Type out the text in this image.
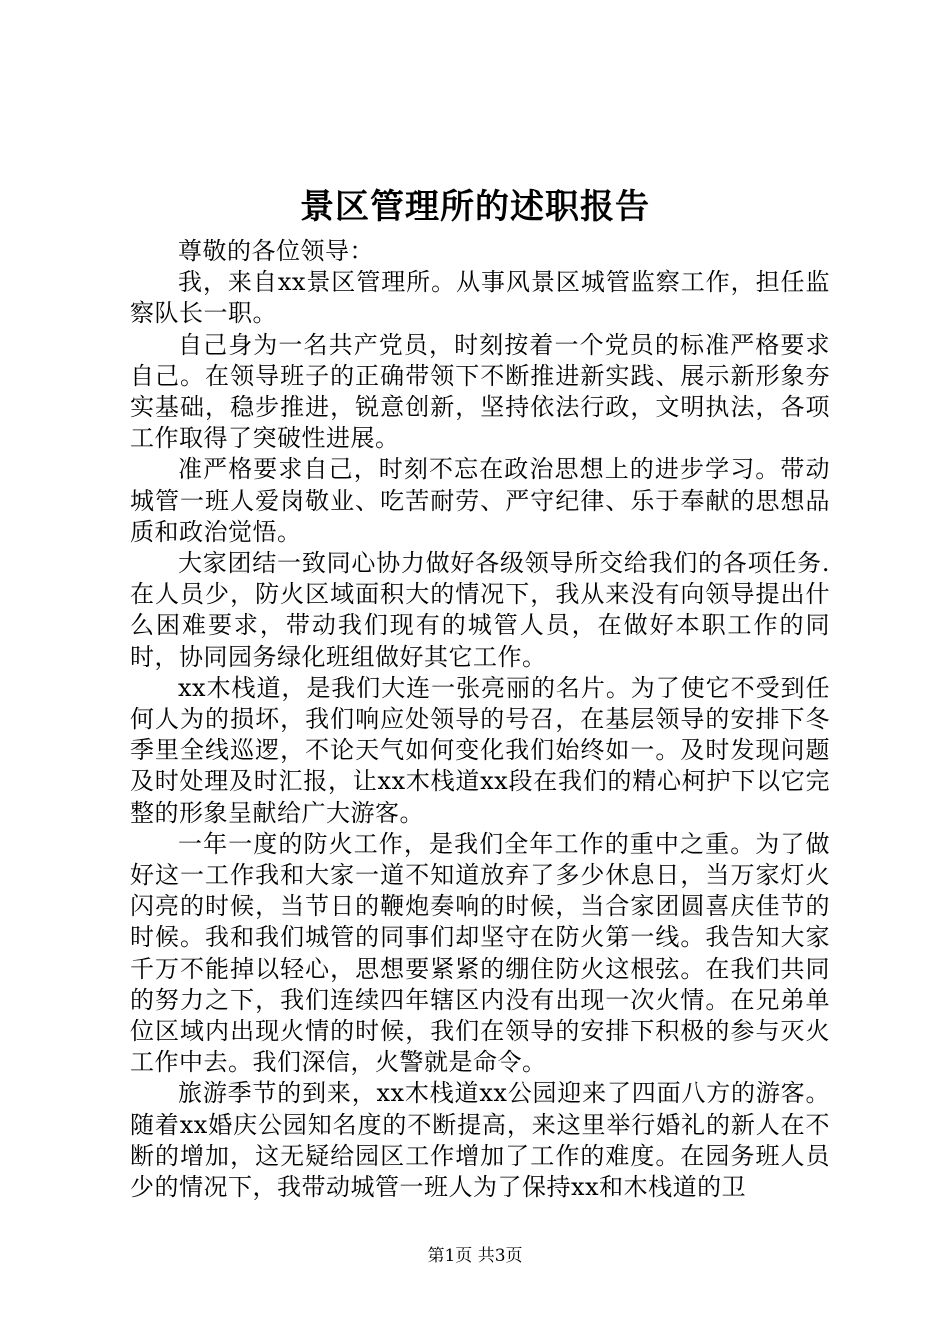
景区管理所的述职报告

尊敬的各位领导：

我，来自xx景区管理所。从事风景区城管监察工作，担任监察队长一职。

自己身为一名共产党员，时刻按着一个党员的标准严格要求自己。在领导班子的正确带领下不断推进新实践、展示新形象夯实基础，稳步推进，锐意创新，坚持依法行政，文明执法，各项工作取得了突破性进展。

准严格要求自己，时刻不忘在政治思想上的进步学习。带动城管一班人爱岗敬业、吃苦耐劳、严守纪律、乐于奉献的思想品质和政治觉悟。

大家团结一致同心协力做好各级领导所交给我们的各项任务.在人员少，防火区域面积大的情况下，我从来没有向领导提出什么困难要求，带动我们现有的城管人员，在做好本职工作的同时，协同园务绿化班组做好其它工作。

xx木栈道，是我们大连一张亮丽的名片。为了使它不受到任何人为的损坏，我们响应处领导的号召，在基层领导的安排下冬季里全线巡逻，不论天气如何变化我们始终如一。及时发现问题及时处理及时汇报，让xx木栈道xx段在我们的精心柯护下以它完整的形象呈献给广大游客。

一年一度的防火工作，是我们全年工作的重中之重。为了做好这一工作我和大家一道不知道放弃了多少休息日，当万家灯火闪亮的时候，当节日的鞭炮奏响的时候，当合家团圆喜庆佳节的时候。我和我们城管的同事们却坚守在防火第一线。我告知大家千万不能掉以轻心，思想要紧紧的绷住防火这根弦。在我们共同的努力之下，我们连续四年辖区内没有出现一次火情。在兄弟单位区域内出现火情的时候，我们在领导的安排下积极的参与灭火工作中去。我们深信，火警就是命令。

旅游季节的到来，xx木栈道xx公园迎来了四面八方的游客。随着xx婚庆公园知名度的不断提高，来这里举行婚礼的新人在不断的增加，这无疑给园区工作增加了工作的难度。在园务班人员少的情况下，我带动城管一班人为了保持xx和木栈道的卫

第1页 共3页
